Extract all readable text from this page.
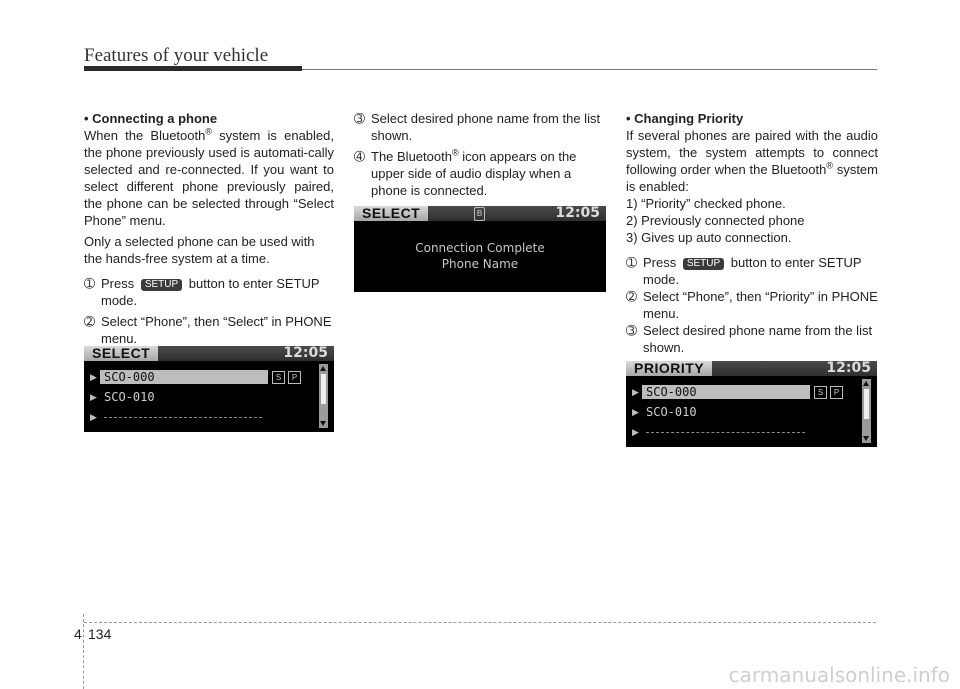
Features of your vehicle

• Connecting a phone

When the Bluetooth® system is enabled, the phone previously used is automati-cally selected and re-connected. If you want to select different phone previously paired, the phone can be selected through “Select Phone” menu.

Only a selected phone can be used with the hands-free system at a time.

➀ Press SETUP button to enter SETUP mode.
➁ Select “Phone”, then “Select” in PHONE menu.
SELECT	12:05
▶ SCO-000	S	P
▶ SCO-010
▶
➂ Select desired phone name from the list shown.
➃ The Bluetooth® icon appears on the upper side of audio display when a phone is connected.
SELECT	B	12:05
Connection Complete
Phone Name

• Changing Priority

If several phones are paired with the audio system, the system attempts to connect following order when the Bluetooth® system is enabled:

1) “Priority” checked phone.

2) Previously connected phone

3) Gives up auto connection.

➀ Press SETUP button to enter SETUP mode.
➁ Select “Phone”, then “Priority” in PHONE menu.
➂ Select desired phone name from the list shown.
PRIORITY	12:05
▶ SCO-000	S	P
▶ SCO-010
▶
4 134
carmanualsonline.info
